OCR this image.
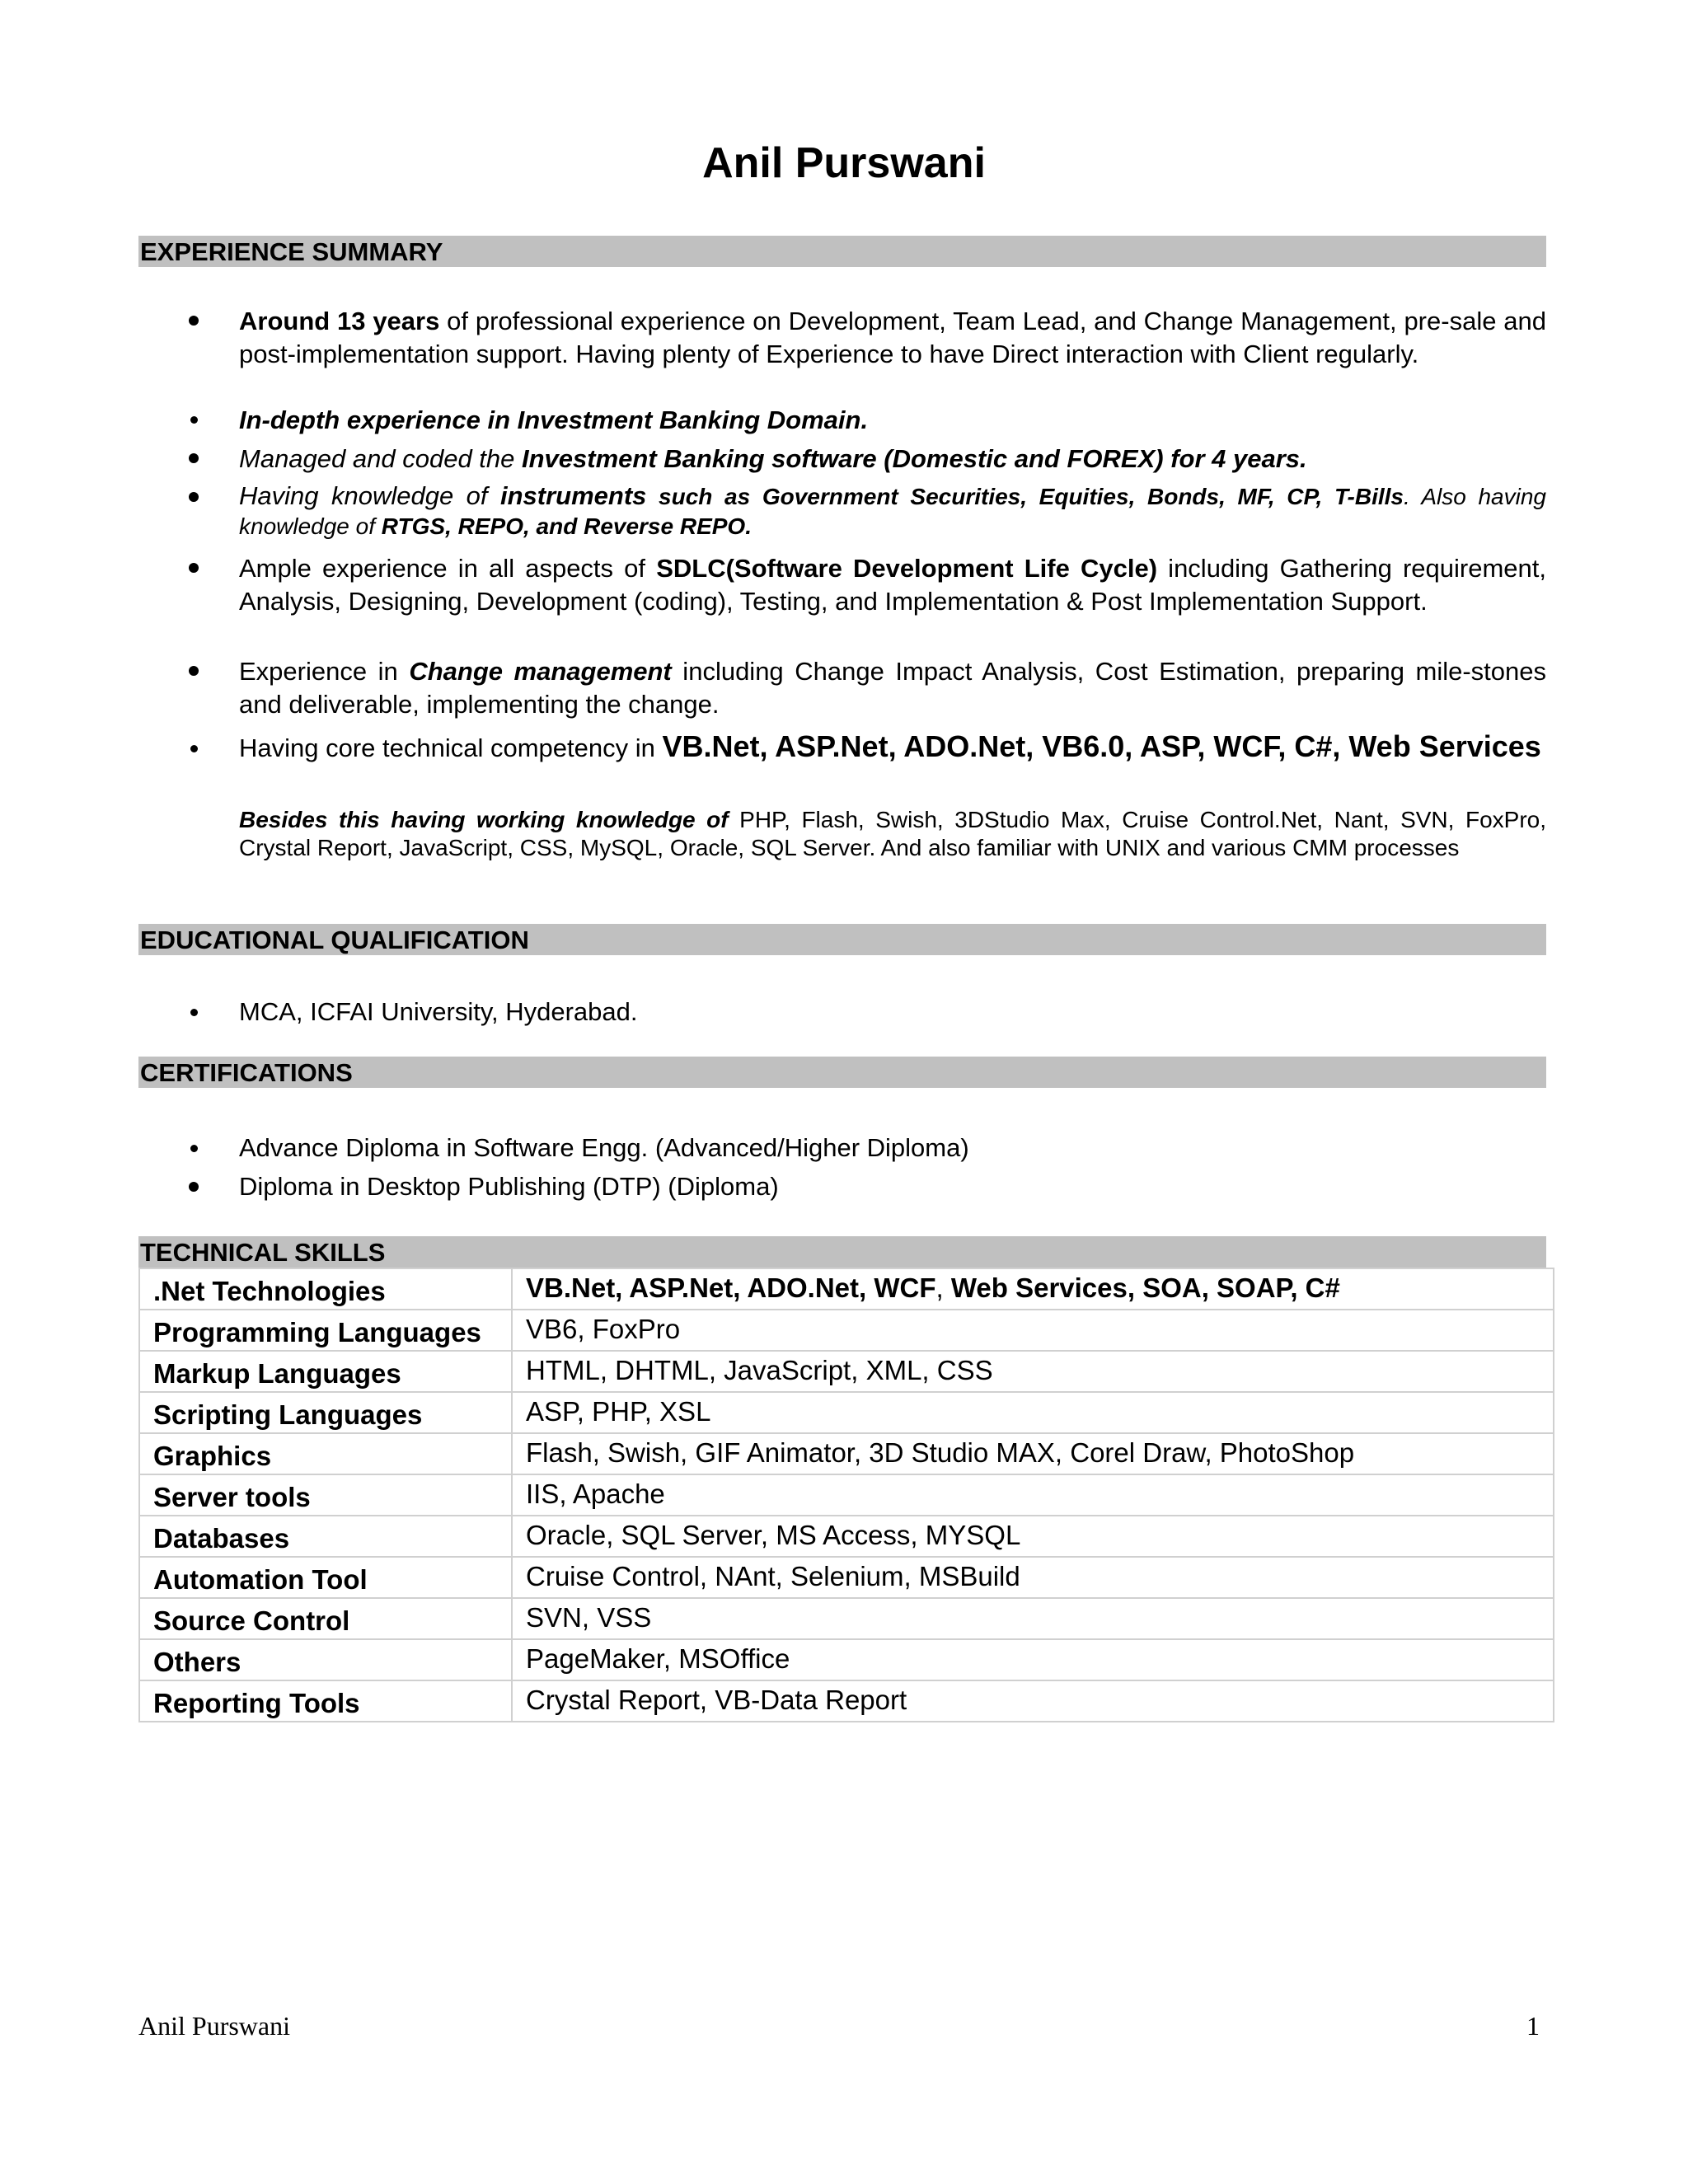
Anil Purswani
EXPERIENCE SUMMARY
Around 13 years of professional experience on Development, Team Lead, and Change Management, pre-sale and post-implementation support. Having plenty of Experience to have Direct interaction with Client regularly.
In-depth experience in Investment Banking Domain.
Managed and coded the Investment Banking software (Domestic and FOREX) for 4 years.
Having knowledge of instruments such as Government Securities, Equities, Bonds, MF, CP, T-Bills. Also having knowledge of RTGS, REPO, and Reverse REPO.
Ample experience in all aspects of SDLC(Software Development Life Cycle) including Gathering requirement, Analysis, Designing, Development (coding), Testing, and Implementation & Post Implementation Support.
Experience in Change management including Change Impact Analysis, Cost Estimation, preparing mile-stones and deliverable, implementing the change.
Having core technical competency in VB.Net, ASP.Net, ADO.Net, VB6.0, ASP, WCF, C#, Web Services
Besides this having working knowledge of PHP, Flash, Swish, 3DStudio Max, Cruise Control.Net, Nant, SVN, FoxPro, Crystal Report, JavaScript, CSS, MySQL, Oracle, SQL Server. And also familiar with UNIX and various CMM processes
EDUCATIONAL QUALIFICATION
MCA, ICFAI University, Hyderabad.
CERTIFICATIONS
Advance Diploma in Software Engg. (Advanced/Higher Diploma)
Diploma in Desktop Publishing (DTP) (Diploma)
TECHNICAL SKILLS
.Net Technologies	VB.Net, ASP.Net, ADO.Net, WCF, Web Services, SOA, SOAP, C#
Programming Languages	VB6, FoxPro
Markup Languages	HTML, DHTML, JavaScript, XML, CSS
Scripting Languages	ASP, PHP, XSL
Graphics	Flash, Swish, GIF Animator, 3D Studio MAX, Corel Draw, PhotoShop
Server tools	IIS, Apache
Databases	Oracle, SQL Server, MS Access, MYSQL
Automation Tool	Cruise Control, NAnt, Selenium, MSBuild
Source Control	SVN, VSS
Others	PageMaker, MSOffice
Reporting Tools	Crystal Report, VB-Data Report
Anil Purswani	1
